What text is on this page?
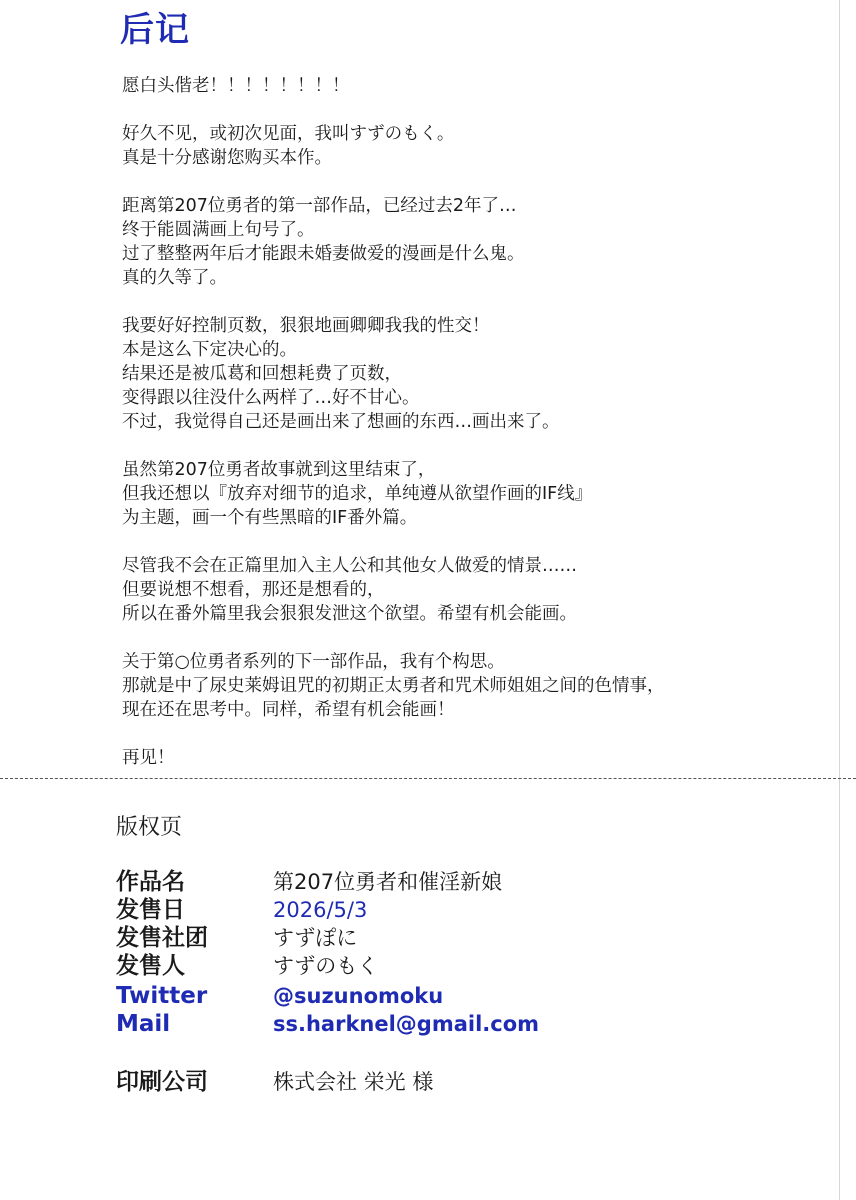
后记
愿白头偕老！！！！！！！！
好久不见，或初次见面，我叫すずのもく。
真是十分感谢您购买本作。
距离第207位勇者的第一部作品，已经过去2年了…
终于能圆满画上句号了。
过了整整两年后才能跟未婚妻做爱的漫画是什么鬼。
真的久等了。
我要好好控制页数，狠狠地画卿卿我我的性交！
本是这么下定决心的。
结果还是被瓜葛和回想耗费了页数，
变得跟以往没什么两样了…好不甘心。
不过，我觉得自己还是画出来了想画的东西…画出来了。
虽然第207位勇者故事就到这里结束了，
但我还想以『放弃对细节的追求，单纯遵从欲望作画的IF线』
为主题，画一个有些黑暗的IF番外篇。
尽管我不会在正篇里加入主人公和其他女人做爱的情景……
但要说想不想看，那还是想看的，
所以在番外篇里我会狠狠发泄这个欲望。希望有机会能画。
关于第○位勇者系列的下一部作品，我有个构思。
那就是中了尿史莱姆诅咒的初期正太勇者和咒术师姐姐之间的色情事，
现在还在思考中。同样，希望有机会能画！
再见！
版权页
作品名	第207位勇者和催淫新娘
发售日	2026/5/3
发售社团	すずぽに
发售人	すずのもく
Twitter	@suzunomoku
Mail	ss.harknel@gmail.com
印刷公司	株式会社 栄光 様
